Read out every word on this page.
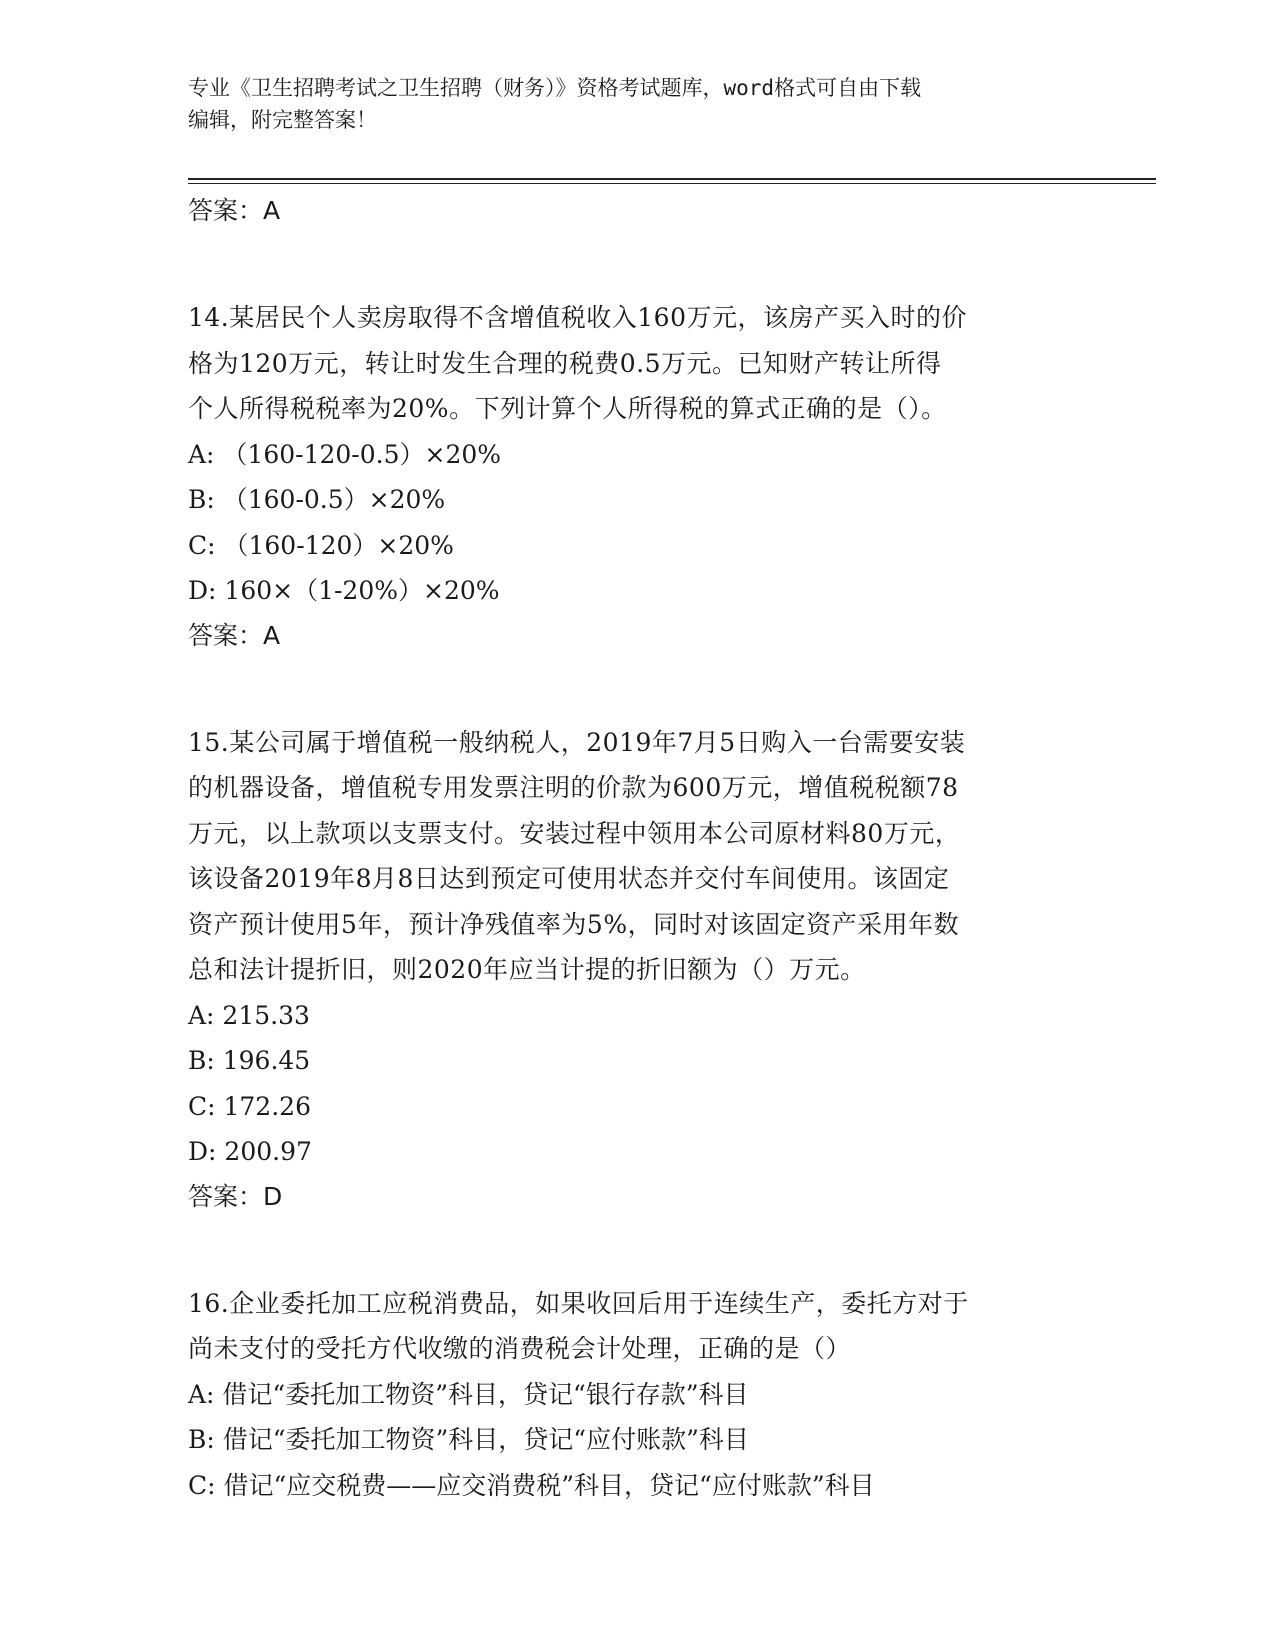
专业《卫生招聘考试之卫生招聘（财务）》资格考试题库，word格式可自由下载
编辑，附完整答案！
答案：A
14.某居民个人卖房取得不含增值税收入160万元，该房产买入时的价
格为120万元，转让时发生合理的税费0.5万元。已知财产转让所得
个人所得税税率为20%。下列计算个人所得税的算式正确的是（）。
A: （160-120-0.5）×20%
B: （160-0.5）×20%
C: （160-120）×20%
D: 160×（1-20%）×20%
答案：A
15.某公司属于增值税一般纳税人，2019年7月5日购入一台需要安装
的机器设备，增值税专用发票注明的价款为600万元，增值税税额78
万元，以上款项以支票支付。安装过程中领用本公司原材料80万元，
该设备2019年8月8日达到预定可使用状态并交付车间使用。该固定
资产预计使用5年，预计净残值率为5%，同时对该固定资产采用年数
总和法计提折旧，则2020年应当计提的折旧额为（）万元。
A: 215.33
B: 196.45
C: 172.26
D: 200.97
答案：D
16.企业委托加工应税消费品，如果收回后用于连续生产，委托方对于
尚未支付的受托方代收缴的消费税会计处理，正确的是（）
A: 借记“委托加工物资”科目，贷记“银行存款”科目
B: 借记“委托加工物资”科目，贷记“应付账款”科目
C: 借记“应交税费——应交消费税”科目，贷记“应付账款”科目
